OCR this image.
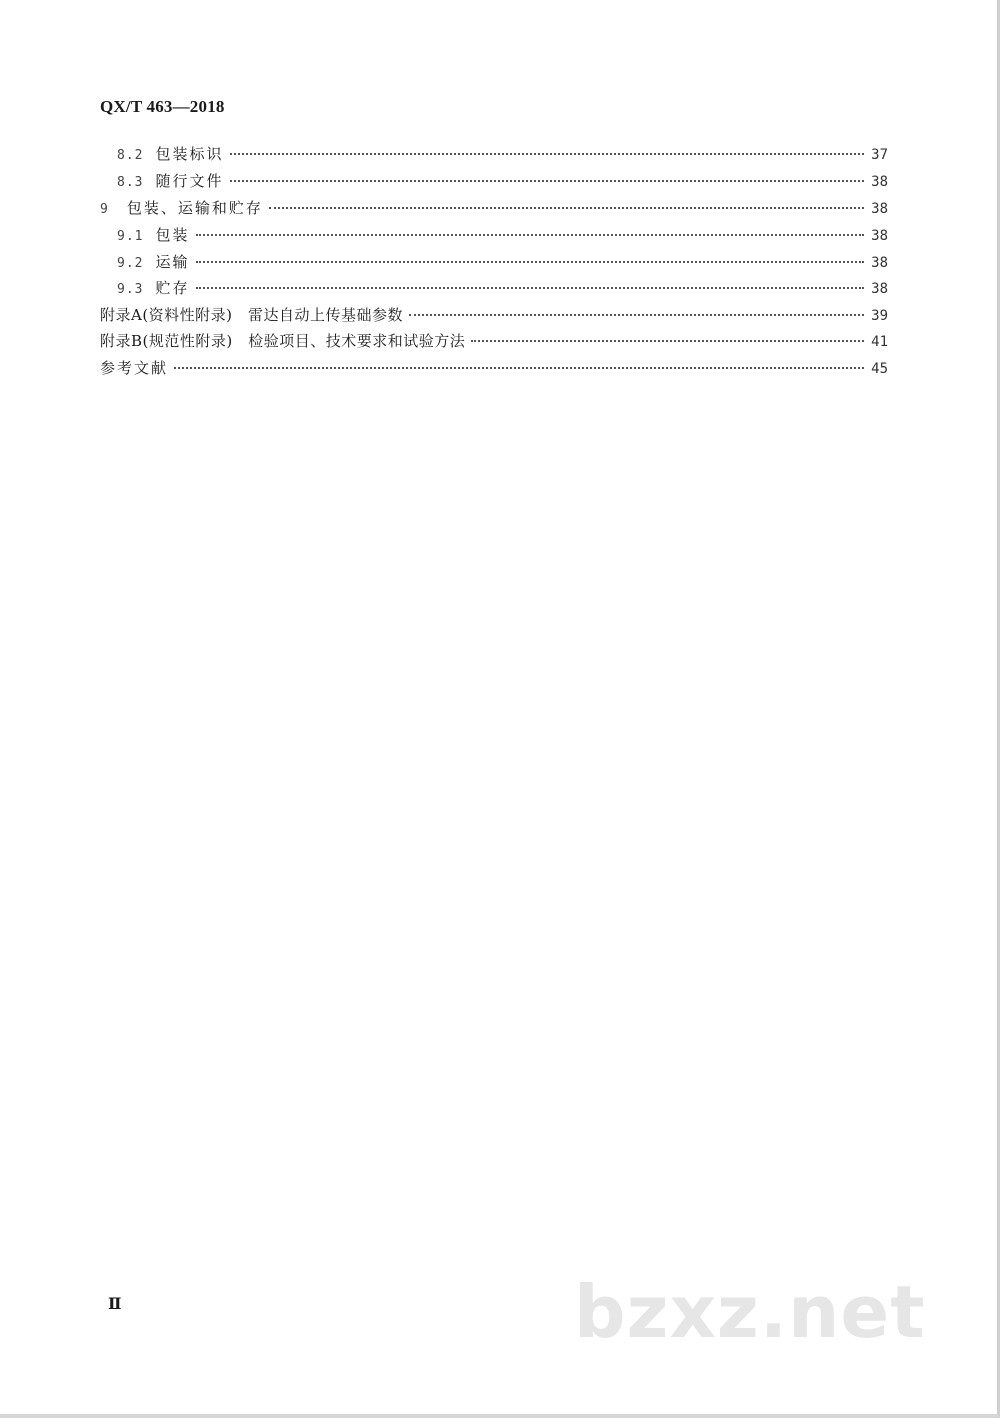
QX/T 463—2018
8.2 包装标识	37
8.3 随行文件	38
9 包装、运输和贮存	38
9.1 包装	38
9.2 运输	38
9.3 贮存	38
附录A(资料性附录)　雷达自动上传基础参数	39
附录B(规范性附录)　检验项目、技术要求和试验方法	41
参考文献	45
Ⅱ	bzxz.net
